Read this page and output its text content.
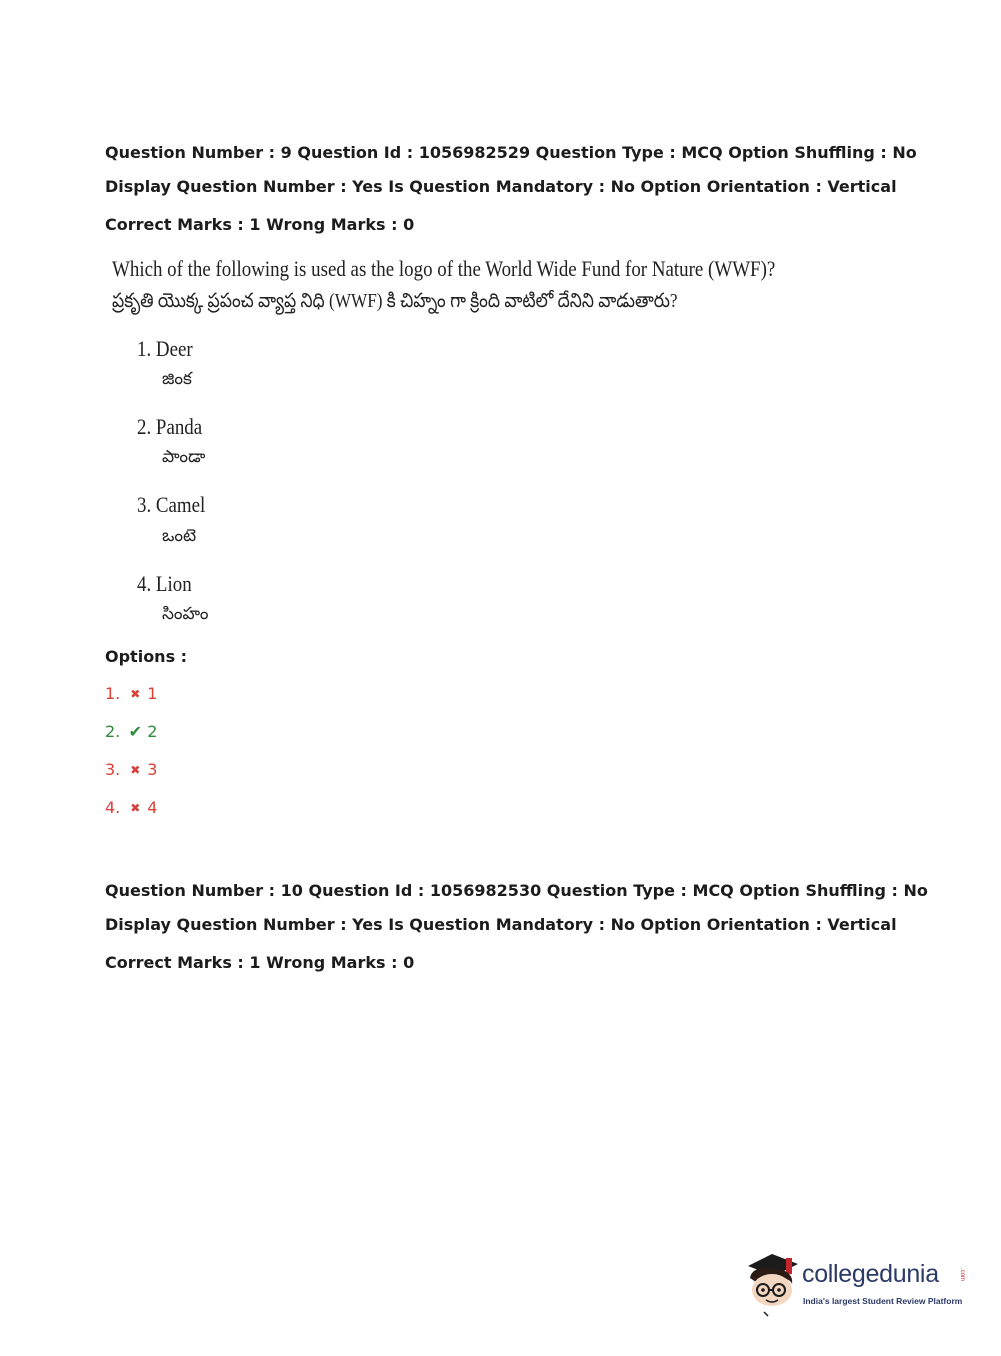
Question Number : 9 Question Id : 1056982529 Question Type : MCQ Option Shuffling : No
Display Question Number : Yes Is Question Mandatory : No Option Orientation : Vertical
Correct Marks : 1 Wrong Marks : 0
Which of the following is used as the logo of the World Wide Fund for Nature (WWF)?
ప్రకృతి యొక్క ప్రపంచ వ్యాప్త నిధి (WWF) కి చిహ్నం గా క్రింది వాటిలో దేనిని వాడుతారు?
1. Deer
జింక
2. Panda
పాండా
3. Camel
ఒంటె
4. Lion
సింహం
Options :
1. ✖ 1
2. ✔ 2
3. ✖ 3
4. ✖ 4
Question Number : 10 Question Id : 1056982530 Question Type : MCQ Option Shuffling : No
Display Question Number : Yes Is Question Mandatory : No Option Orientation : Vertical
Correct Marks : 1 Wrong Marks : 0
collegedunia	.com
India's largest Student Review Platform
